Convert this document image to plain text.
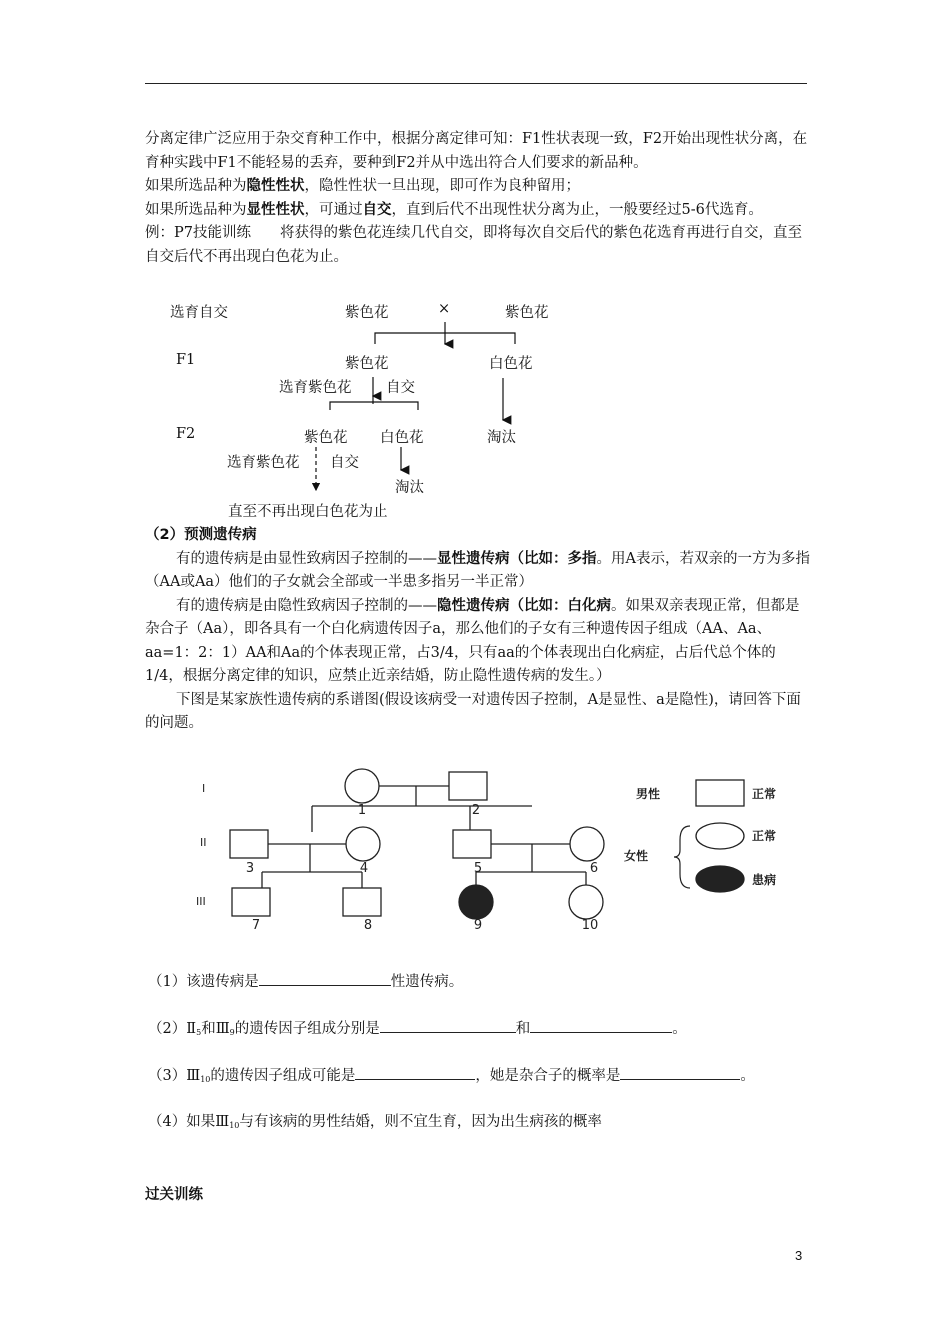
分离定律广泛应用于杂交育种工作中，根据分离定律可知：F1性状表现一致，F2开始出现性状分离，在育种实践中F1不能轻易的丢弃，要种到F2并从中选出符合人们要求的新品种。

如果所选品种为隐性性状，隐性性状一旦出现，即可作为良种留用；

如果所选品种为显性性状，可通过自交，直到后代不出现性状分离为止，一般要经过5-6代选育。

例：P7技能训练　　将获得的紫色花连续几代自交，即将每次自交后代的紫色花选育再进行自交，直至自交后代不再出现白色花为止。

选育自交	紫色花	×	紫色花
F1	紫色花	白色花
选育紫色花 自交
F2	紫色花 白色花	淘汰
选育紫色花 自交
淘汰
直至不再出现白色花为止

（2）预测遗传病

有的遗传病是由显性致病因子控制的——显性遗传病（比如：多指。用A表示，若双亲的一方为多指（AA或Aa）他们的子女就会全部或一半患多指另一半正常）

有的遗传病是由隐性致病因子控制的——隐性遗传病（比如：白化病。如果双亲表现正常，但都是杂合子（Aa），即各具有一个白化病遗传因子a，那么他们的子女有三种遗传因子组成（AA、Aa、aa=1：2：1）AA和Aa的个体表现正常，占3/4，只有aa的个体表现出白化病症，占后代总个体的1/4，根据分离定律的知识，应禁止近亲结婚，防止隐性遗传病的发生。）

下图是某家族性遗传病的系谱图(假设该病受一对遗传因子控制，A是显性、a是隐性)，请回答下面的问题。

I
II
III
1	2
3	4	5	6
7	8	9	10
男性	正常
正常
女性
患病
（1）该遗传病是	性遗传病。
$(2)Ⅱ_5$和$Ⅲ_9$的遗传因子组成分别是	和	。
$(3)Ⅲ_{10}$的遗传因子组成可能是	，她是杂合子的概率是	。
（4）如果$Ⅲ_{10}$与有该病的男性结婚，则不宜生育，因为出生病孩的概率
过关训练
3
